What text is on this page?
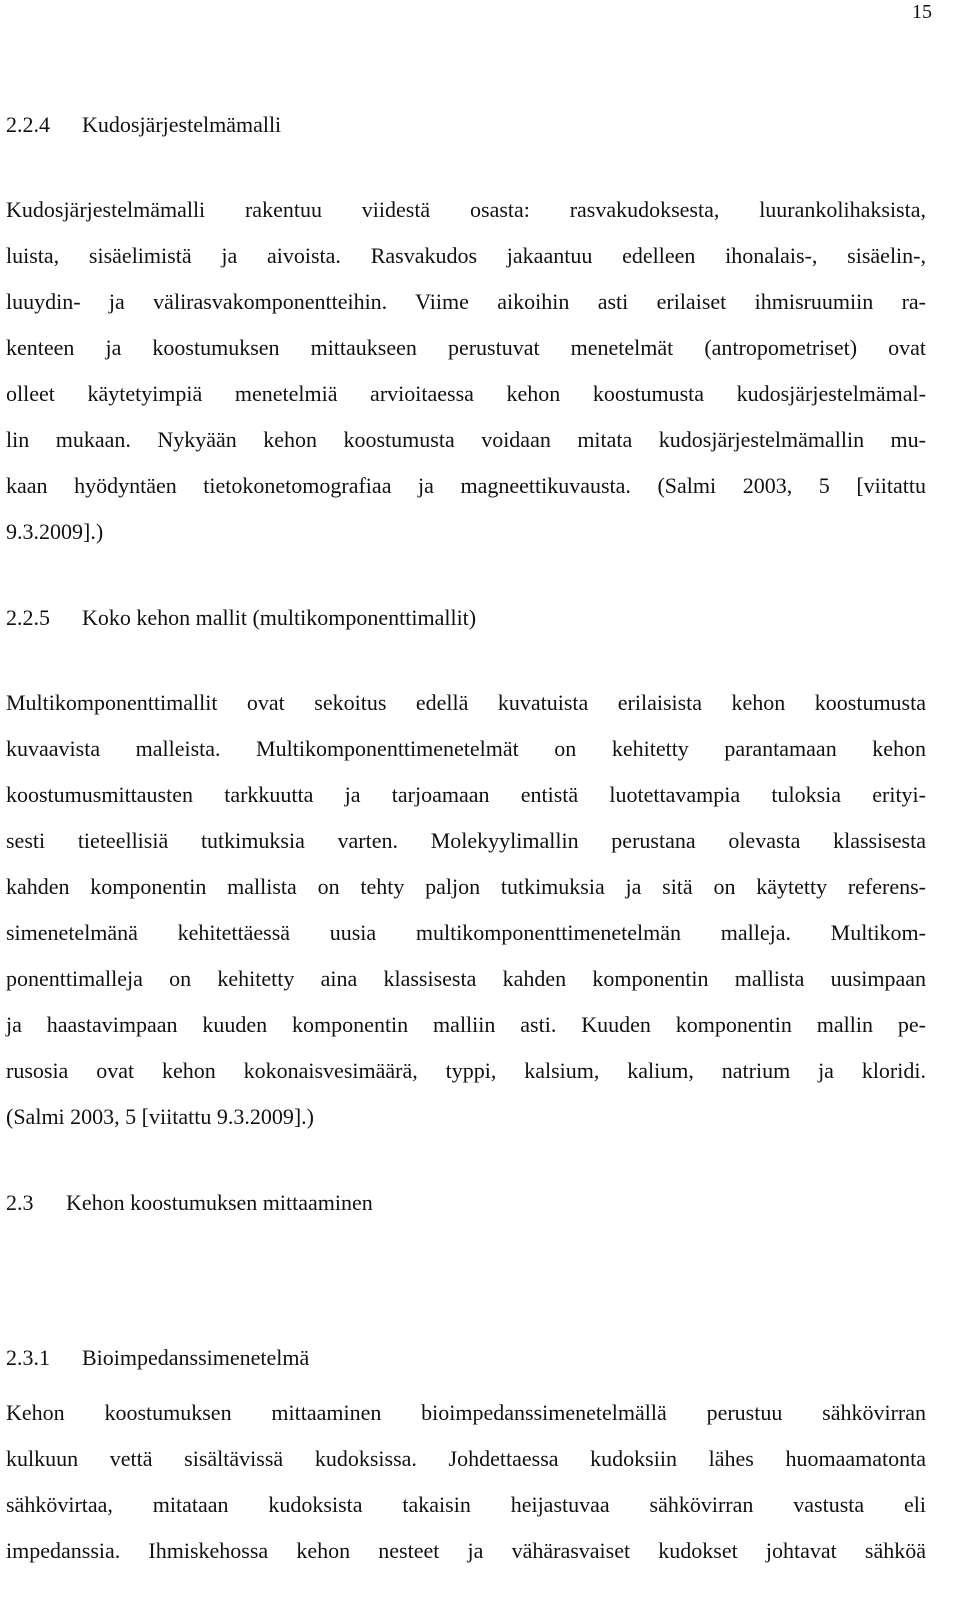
15
2.2.4 Kudosjärjestelmämalli
Kudosjärjestelmämalli rakentuu viidestä osasta: rasvakudoksesta, luurankolihaksista,
luista, sisäelimistä ja aivoista. Rasvakudos jakaantuu edelleen ihonalais-, sisäelin-,
luuydin- ja välirasvakomponentteihin. Viime aikoihin asti erilaiset ihmisruumiin ra-
kenteen ja koostumuksen mittaukseen perustuvat menetelmät (antropometriset) ovat
olleet käytetyimpiä menetelmiä arvioitaessa kehon koostumusta kudosjärjestelmämal-
lin mukaan. Nykyään kehon koostumusta voidaan mitata kudosjärjestelmämallin mu-
kaan hyödyntäen tietokonetomografiaa ja magneettikuvausta. (Salmi 2003, 5 [viitattu
9.3.2009].)
2.2.5 Koko kehon mallit (multikomponenttimallit)
Multikomponenttimallit ovat sekoitus edellä kuvatuista erilaisista kehon koostumusta
kuvaavista malleista. Multikomponenttimenetelmät on kehitetty parantamaan kehon
koostumusmittausten tarkkuutta ja tarjoamaan entistä luotettavampia tuloksia erityi-
sesti tieteellisiä tutkimuksia varten. Molekyylimallin perustana olevasta klassisesta
kahden komponentin mallista on tehty paljon tutkimuksia ja sitä on käytetty referens-
simenetelmänä kehitettäessä uusia multikomponenttimenetelmän malleja. Multikom-
ponenttimalleja on kehitetty aina klassisesta kahden komponentin mallista uusimpaan
ja haastavimpaan kuuden komponentin malliin asti. Kuuden komponentin mallin pe-
rusosia ovat kehon kokonaisvesimäärä, typpi, kalsium, kalium, natrium ja kloridi.
(Salmi 2003, 5 [viitattu 9.3.2009].)
2.3 Kehon koostumuksen mittaaminen
2.3.1 Bioimpedanssimenetelmä
Kehon koostumuksen mittaaminen bioimpedanssimenetelmällä perustuu sähkövirran
kulkuun vettä sisältävissä kudoksissa. Johdettaessa kudoksiin lähes huomaamatonta
sähkövirtaa, mitataan kudoksista takaisin heijastuvaa sähkövirran vastusta eli
impedanssia. Ihmiskehossa kehon nesteet ja vähärasvaiset kudokset johtavat sähköä
